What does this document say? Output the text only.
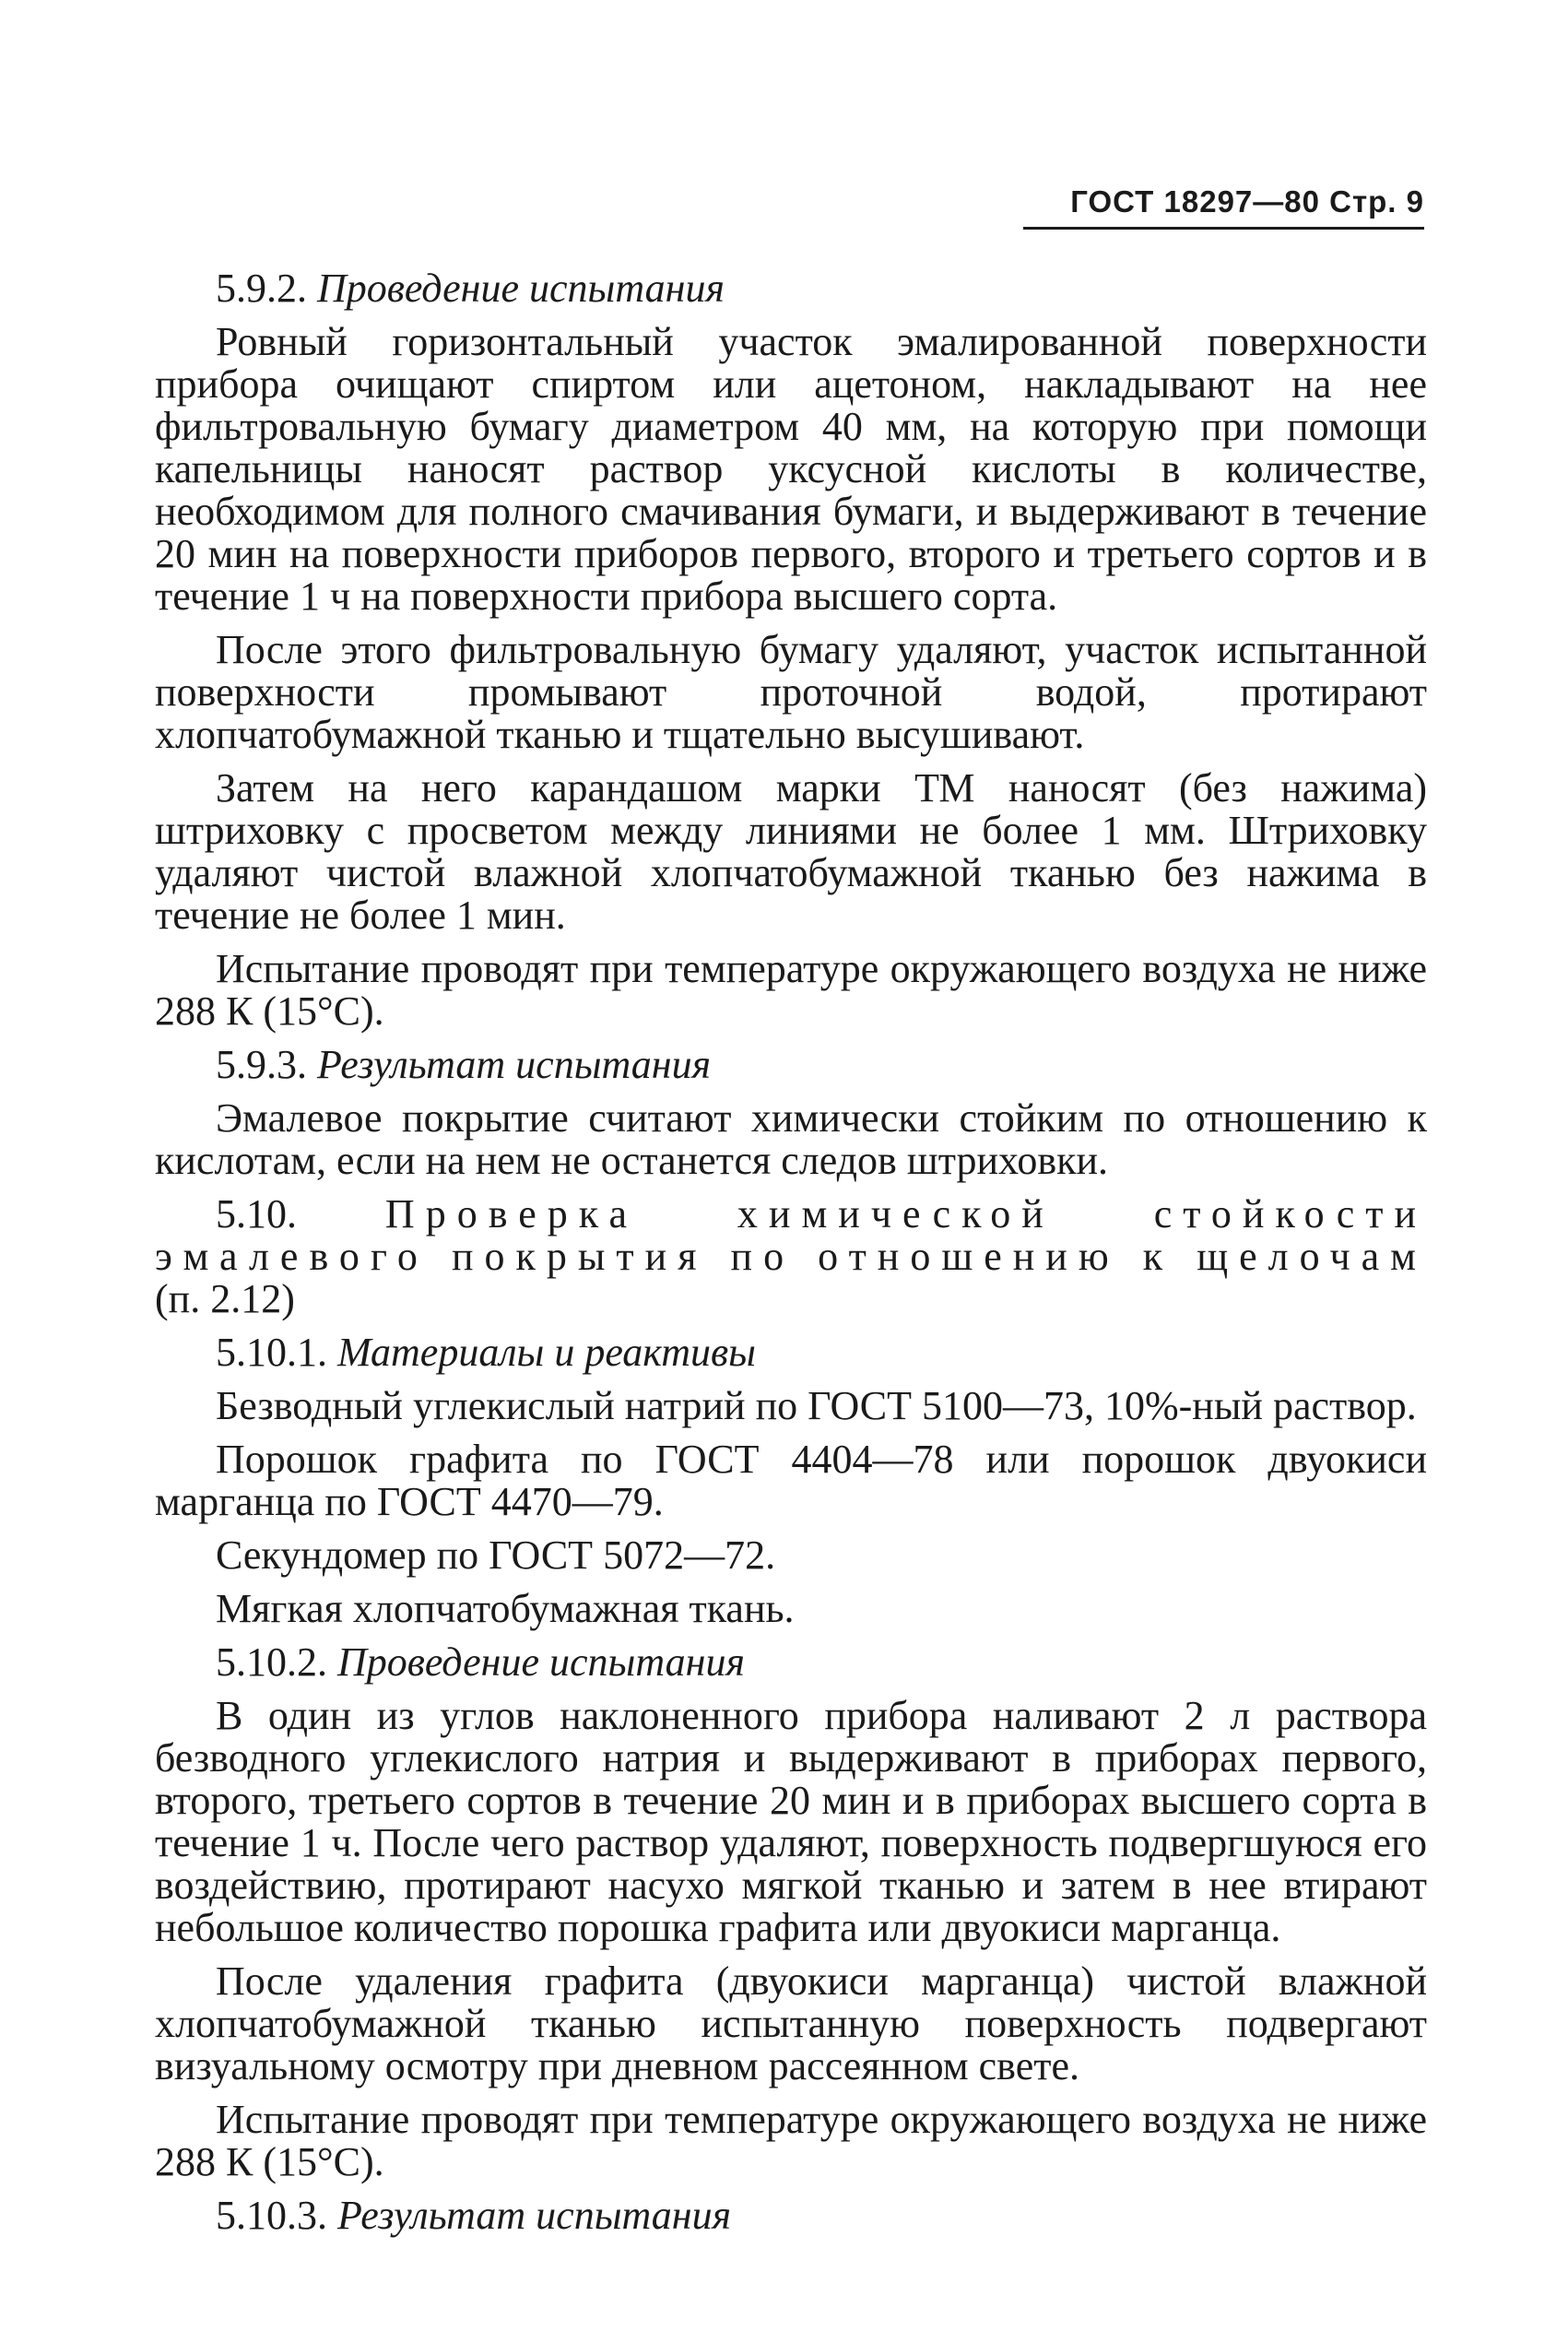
ГОСТ 18297—80 Стр. 9

5.9.2. Проведение испытания

Ровный горизонтальный участок эмалированной поверхности прибора очищают спиртом или ацетоном, накладывают на нее фильтровальную бумагу диаметром 40 мм, на которую при помощи капельницы наносят раствор уксусной кислоты в количестве, необходимом для полного смачивания бумаги, и выдерживают в течение 20 мин на поверхности приборов первого, второго и третьего сортов и в течение 1 ч на поверхности прибора высшего сорта.

После этого фильтровальную бумагу удаляют, участок испытанной поверхности промывают проточной водой, протирают хлопчатобумажной тканью и тщательно высушивают.

Затем на него карандашом марки ТМ наносят (без нажима) штриховку с просветом между линиями не более 1 мм. Штриховку удаляют чистой влажной хлопчатобумажной тканью без нажима в течение не более 1 мин.

Испытание проводят при температуре окружающего воздуха не ниже 288 К (15°С).

5.9.3. Результат испытания

Эмалевое покрытие считают химически стойким по отношению к кислотам, если на нем не останется следов штриховки.

5.10. Проверка химической стойкости эмалевого покрытия по отношению к щелочам (п. 2.12)

5.10.1. Материалы и реактивы

Безводный углекислый натрий по ГОСТ 5100—73, 10%-ный раствор.

Порошок графита по ГОСТ 4404—78 или порошок двуокиси марганца по ГОСТ 4470—79.

Секундомер по ГОСТ 5072—72.

Мягкая хлопчатобумажная ткань.

5.10.2. Проведение испытания

В один из углов наклоненного прибора наливают 2 л раствора безводного углекислого натрия и выдерживают в приборах первого, второго, третьего сортов в течение 20 мин и в приборах высшего сорта в течение 1 ч. После чего раствор удаляют, поверхность подвергшуюся его воздействию, протирают насухо мягкой тканью и затем в нее втирают небольшое количество порошка графита или двуокиси марганца.

После удаления графита (двуокиси марганца) чистой влажной хлопчатобумажной тканью испытанную поверхность подвергают визуальному осмотру при дневном рассеянном свете.

Испытание проводят при температуре окружающего воздуха не ниже 288 К (15°С).

5.10.3. Результат испытания
